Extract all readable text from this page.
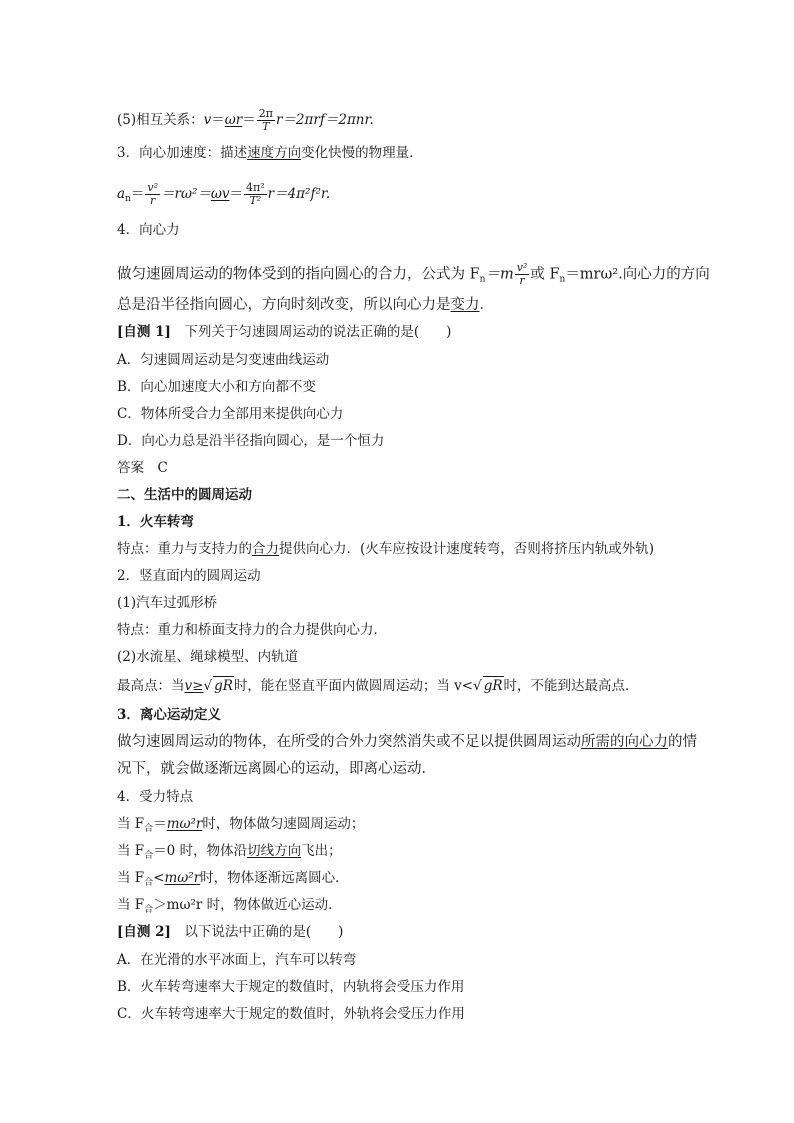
(5)相互关系：$v=\omega r= \frac{2\pi}{T} r=2\pi rf=2\pi nr$.
3．向心加速度：描述速度方向变化快慢的物理量．
$a_n= \frac{\text{v²}}{r} =r\omega^2=\omega v= \frac{\text{4π²}}{\text{T²}} r=4\pi^2f^2r$.
4．向心力
做匀速圆周运动的物体受到的指向圆心的合力，公式为 $F_n=m \frac{\text{v²}}{r}$ 或 $F_n=mr\omega^2$.向心力的方向
总是沿半径指向圆心，方向时刻改变，所以向心力是变力．
[自测 1]　下列关于匀速圆周运动的说法正确的是(　　)
A．匀速圆周运动是匀变速曲线运动
B．向心加速度大小和方向都不变
C．物体所受合力全部用来提供向心力
D．向心力总是沿半径指向圆心，是一个恒力
答案　C
二、生活中的圆周运动
1．火车转弯
特点：重力与支持力的合力提供向心力．(火车应按设计速度转弯，否则将挤压内轨或外轨)
2．竖直面内的圆周运动
(1)汽车过弧形桥
特点：重力和桥面支持力的合力提供向心力．
(2)水流星、绳球模型、内轨道
最高点：当v≥√ gR时，能在竖直平面内做圆周运动；当 v<√ gR时，不能到达最高点．
3．离心运动定义
做匀速圆周运动的物体，在所受的合外力突然消失或不足以提供圆周运动所需的向心力的情
况下，就会做逐渐远离圆心的运动，即离心运动．
4．受力特点
当 $F_合=m\omega^2r$时，物体做匀速圆周运动；
当 $F_合=0$ 时，物体沿切线方向飞出；
当 $F_合<m\omega^2r$时，物体逐渐远离圆心．
当 $F_合>m\omega^2r$ 时，物体做近心运动．
[自测 2]　以下说法中正确的是(　　)
A．在光滑的水平冰面上，汽车可以转弯
B．火车转弯速率大于规定的数值时，内轨将会受压力作用
C．火车转弯速率大于规定的数值时，外轨将会受压力作用
